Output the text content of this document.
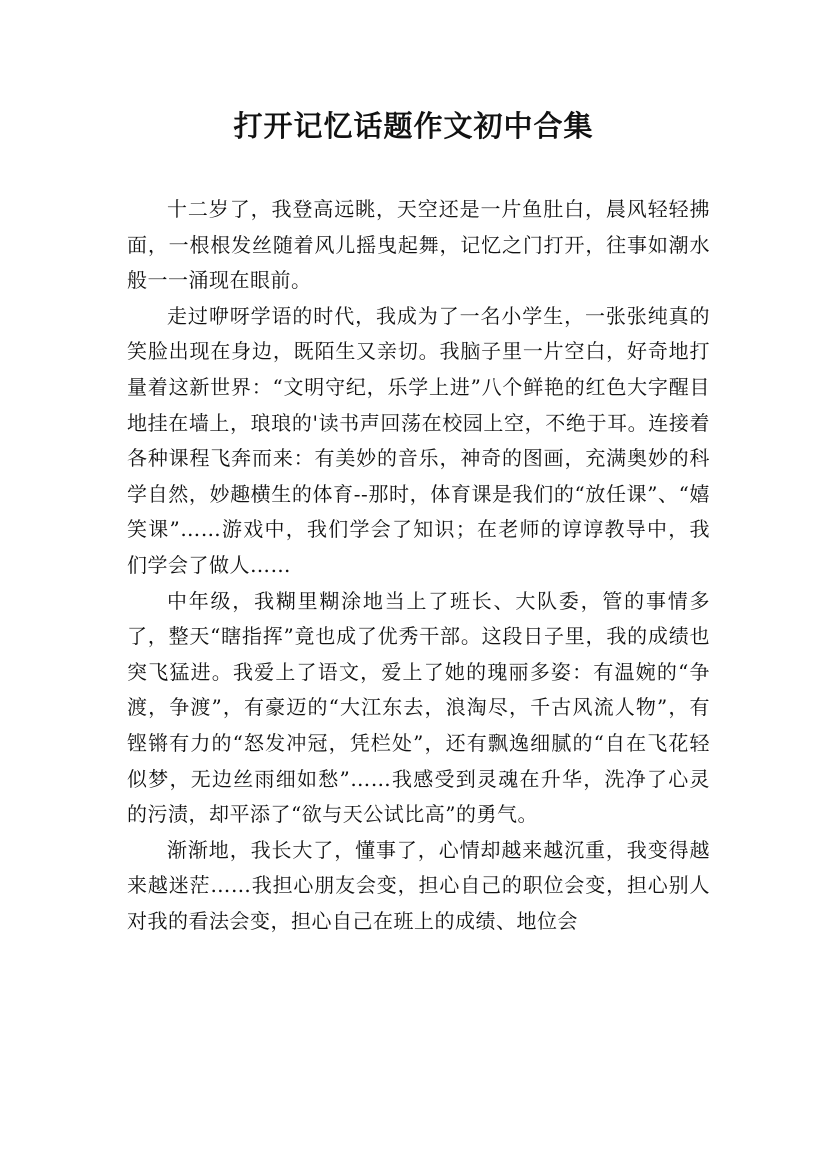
打开记忆话题作文初中合集

十二岁了，我登高远眺，天空还是一片鱼肚白，晨风轻轻拂面，一根根发丝随着风儿摇曳起舞，记忆之门打开，往事如潮水般一一涌现在眼前。

走过咿呀学语的时代，我成为了一名小学生，一张张纯真的笑脸出现在身边，既陌生又亲切。我脑子里一片空白，好奇地打量着这新世界：“文明守纪，乐学上进”八个鲜艳的红色大字醒目地挂在墙上，琅琅的'读书声回荡在校园上空，不绝于耳。连接着各种课程飞奔而来：有美妙的音乐，神奇的图画，充满奥妙的科学自然，妙趣横生的体育--那时，体育课是我们的“放任课”、“嬉笑课”……游戏中，我们学会了知识；在老师的谆谆教导中，我们学会了做人……

中年级，我糊里糊涂地当上了班长、大队委，管的事情多了，整天“瞎指挥”竟也成了优秀干部。这段日子里，我的成绩也突飞猛进。我爱上了语文，爱上了她的瑰丽多姿：有温婉的“争渡，争渡”，有豪迈的“大江东去，浪淘尽，千古风流人物”，有铿锵有力的“怒发冲冠，凭栏处”，还有飘逸细腻的“自在飞花轻似梦，无边丝雨细如愁”……我感受到灵魂在升华，洗净了心灵的污渍，却平添了“欲与天公试比高”的勇气。

渐渐地，我长大了，懂事了，心情却越来越沉重，我变得越来越迷茫……我担心朋友会变，担心自己的职位会变，担心别人对我的看法会变，担心自己在班上的成绩、地位会
